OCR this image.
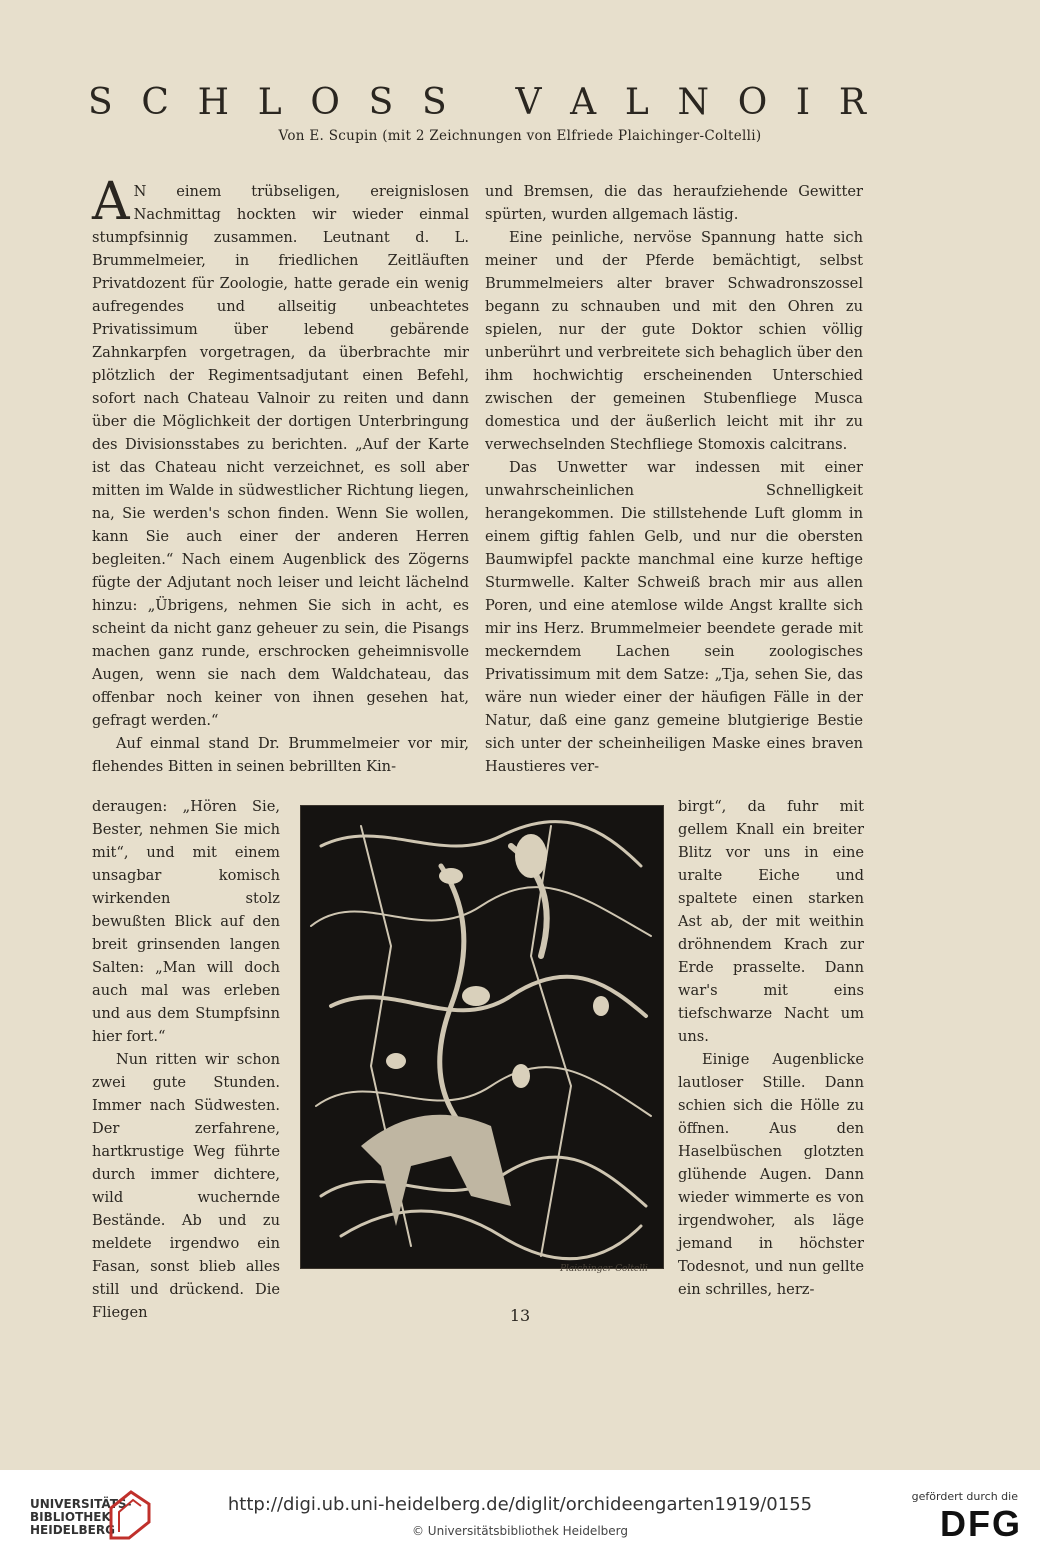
S C H L O S S
V A L N O I R
Von E. Scupin (mit 2 Zeichnungen von Elfriede Plaichinger-Coltelli)

A N einem trübseligen, ereignislosen Nachmittag hockten wir wieder einmal stumpfsinnig zusammen. Leutnant d. L. Brummelmeier, in friedlichen Zeitläuften Privatdozent für Zoologie, hatte gerade ein wenig aufregendes und allseitig unbeachtetes Privatissimum über lebend gebärende Zahnkarpfen vorgetragen, da überbrachte mir plötzlich der Regimentsadjutant einen Befehl, sofort nach Chateau Valnoir zu reiten und dann über die Möglichkeit der dortigen Unterbringung des Divisionsstabes zu berichten. „Auf der Karte ist das Chateau nicht verzeichnet, es soll aber mitten im Walde in südwestlicher Richtung liegen, na, Sie werden's schon finden. Wenn Sie wollen, kann Sie auch einer der anderen Herren begleiten.“ Nach einem Augenblick des Zögerns fügte der Adjutant noch leiser und leicht lächelnd hinzu: „Übrigens, nehmen Sie sich in acht, es scheint da nicht ganz geheuer zu sein, die Pisangs machen ganz runde, erschrocken geheimnisvolle Augen, wenn sie nach dem Waldchateau, das offenbar noch keiner von ihnen gesehen hat, gefragt werden.“

Auf einmal stand Dr. Brummelmeier vor mir, flehendes Bitten in seinen bebrillten Kin-

deraugen: „Hören Sie, Bester, nehmen Sie mich mit“, und mit einem unsagbar komisch wirkenden stolz bewußten Blick auf den breit grinsenden langen Salten: „Man will doch auch mal was erleben und aus dem Stumpfsinn hier fort.“

Nun ritten wir schon zwei gute Stunden. Immer nach Südwesten. Der zerfahrene, hartkrustige Weg führte durch immer dichtere, wild wuchernde Bestände. Ab und zu meldete irgendwo ein Fasan, sonst blieb alles still und drückend. Die Fliegen

und Bremsen, die das heraufziehende Gewitter spürten, wurden allgemach lästig.

Eine peinliche, nervöse Spannung hatte sich meiner und der Pferde bemächtigt, selbst Brummelmeiers alter braver Schwadronszossel begann zu schnauben und mit den Ohren zu spielen, nur der gute Doktor schien völlig unberührt und verbreitete sich behaglich über den ihm hochwichtig erscheinenden Unterschied zwischen der gemeinen Stubenfliege Musca domestica und der äußerlich leicht mit ihr zu verwechselnden Stechfliege Stomoxis calcitrans.

Das Unwetter war indessen mit einer unwahrscheinlichen Schnelligkeit herangekommen. Die stillstehende Luft glomm in einem giftig fahlen Gelb, und nur die obersten Baumwipfel packte manchmal eine kurze heftige Sturmwelle. Kalter Schweiß brach mir aus allen Poren, und eine atemlose wilde Angst krallte sich mir ins Herz. Brummelmeier beendete gerade mit meckerndem Lachen sein zoologisches Privatissimum mit dem Satze: „Tja, sehen Sie, das wäre nun wieder einer der häufigen Fälle in der Natur, daß eine ganz gemeine blutgierige Bestie sich unter der scheinheiligen Maske eines braven Haustieres ver-

birgt“, da fuhr mit gellem Knall ein breiter Blitz vor uns in eine uralte Eiche und spaltete einen starken Ast ab, der mit weithin dröhnendem Krach zur Erde prasselte. Dann war's mit eins tiefschwarze Nacht um uns.

Einige Augenblicke lautloser Stille. Dann schien sich die Hölle zu öffnen. Aus den Haselbüschen glotzten glühende Augen. Dann wieder wimmerte es von irgendwoher, als läge jemand in höchster Todesnot, und nun gellte ein schrilles, herz-

Plaichinger-Coltelli
13
UNIVERSITÄTS-
BIBLIOTHEK
HEIDELBERG
http://digi.ub.uni-heidelberg.de/diglit/orchideengarten1919/0155
© Universitätsbibliothek Heidelberg
gefördert durch die
DFG
